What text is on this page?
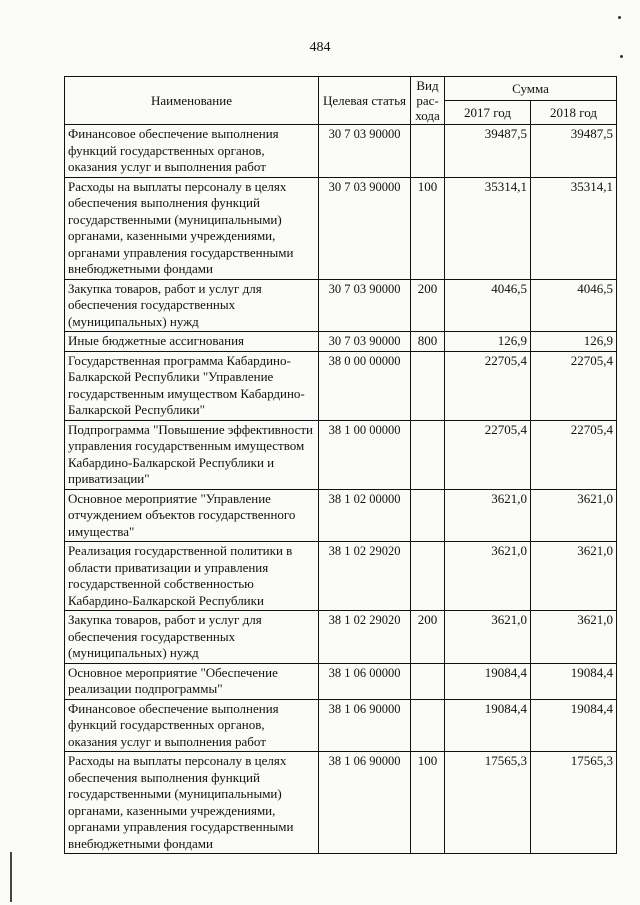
484
Наименование	Целевая статья	Вид рас-хода	Сумма	
			2017 год	2018 год
Финансовое обеспечение выполнения функций государственных органов, оказания услуг и выполнения работ	30 7 03 90000		39487,5	39487,5
Расходы на выплаты персоналу в целях обеспечения выполнения функций государственными (муниципальными) органами, казенными учреждениями, органами управления государственными внебюджетными фондами	30 7 03 90000	100	35314,1	35314,1
Закупка товаров, работ и услуг для обеспечения государственных (муниципальных) нужд	30 7 03 90000	200	4046,5	4046,5
Иные бюджетные ассигнования	30 7 03 90000	800	126,9	126,9
Государственная программа Кабардино-Балкарской Республики "Управление государственным имуществом Кабардино-Балкарской Республики"	38 0 00 00000		22705,4	22705,4
Подпрограмма "Повышение эффективности управления государственным имуществом Кабардино-Балкарской Республики и приватизации"	38 1 00 00000		22705,4	22705,4
Основное мероприятие "Управление отчуждением объектов государственного имущества"	38 1 02 00000		3621,0	3621,0
Реализация государственной политики в области приватизации и управления государственной собственностью Кабардино-Балкарской Республики	38 1 02 29020		3621,0	3621,0
Закупка товаров, работ и услуг для обеспечения государственных (муниципальных) нужд	38 1 02 29020	200	3621,0	3621,0
Основное мероприятие "Обеспечение реализации подпрограммы"	38 1 06 00000		19084,4	19084,4
Финансовое обеспечение выполнения функций государственных органов, оказания услуг и выполнения работ	38 1 06 90000		19084,4	19084,4
Расходы на выплаты персоналу в целях обеспечения выполнения функций государственными (муниципальными) органами, казенными учреждениями, органами управления государственными внебюджетными фондами	38 1 06 90000	100	17565,3	17565,3
